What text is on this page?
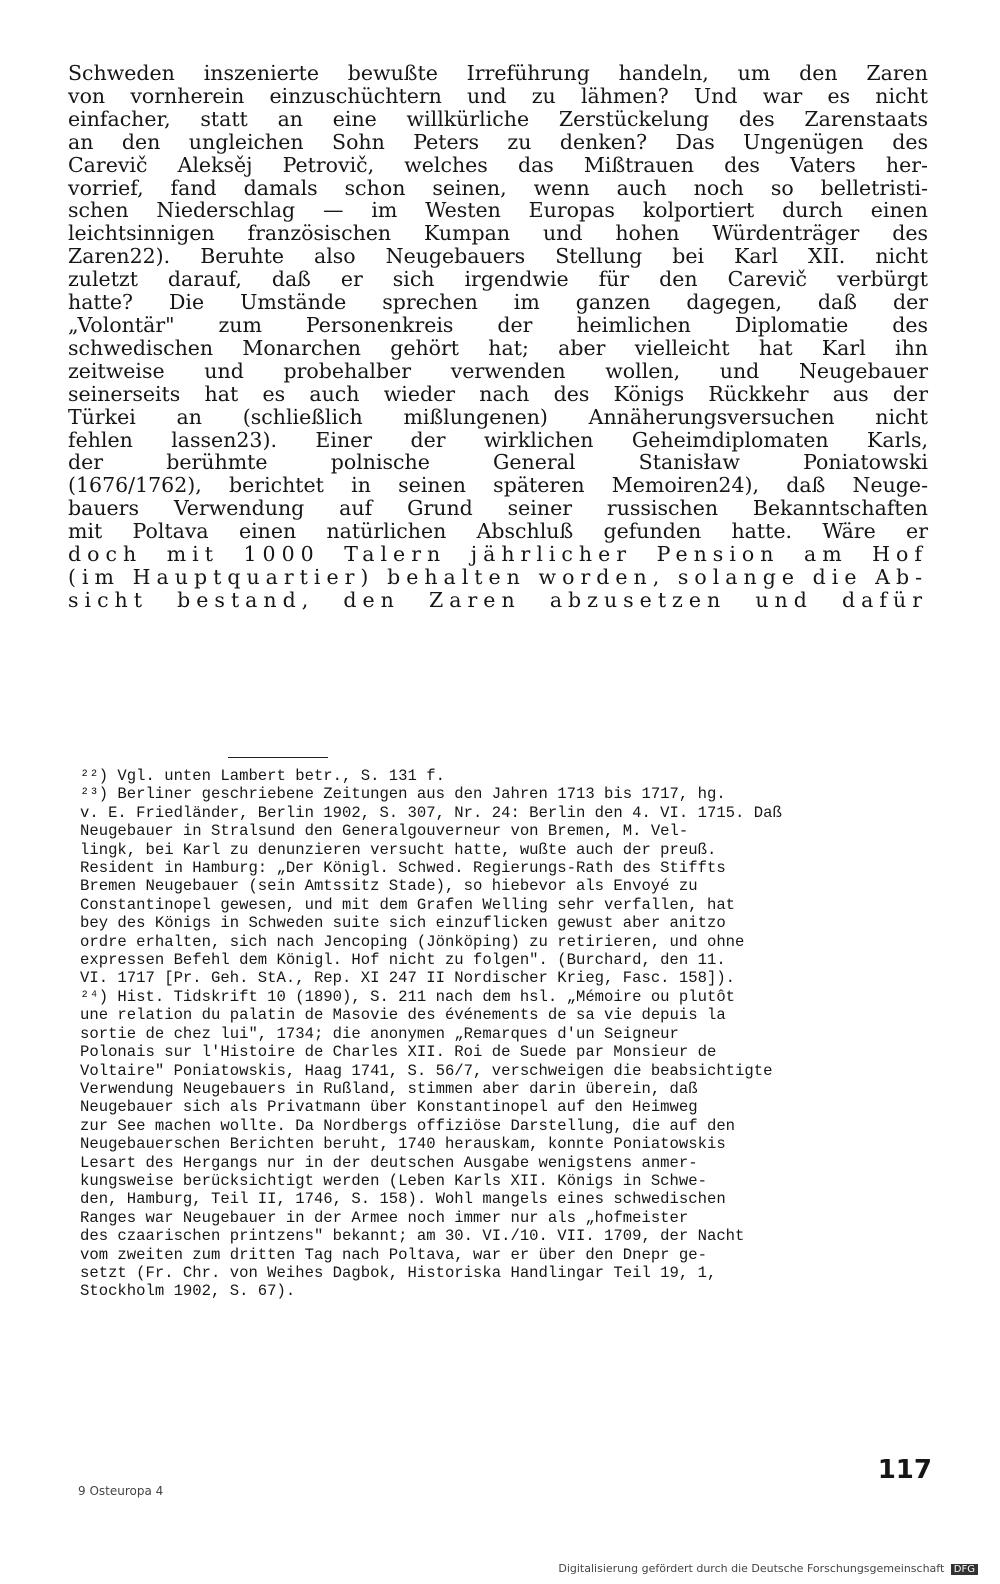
Schweden inszenierte bewußte Irreführung handeln, um den Zaren
von vornherein einzuschüchtern und zu lähmen? Und war es nicht
einfacher, statt an eine willkürliche Zerstückelung des Zarenstaats
an den ungleichen Sohn Peters zu denken? Das Ungenügen des
Carevič Aleksěj Petrovič, welches das Mißtrauen des Vaters her-
vorrief, fand damals schon seinen, wenn auch noch so belletristi-
schen Niederschlag — im Westen Europas kolportiert durch einen
leichtsinnigen französischen Kumpan und hohen Würdenträger des
Zaren22). Beruhte also Neugebauers Stellung bei Karl XII. nicht
zuletzt darauf, daß er sich irgendwie für den Carevič verbürgt
hatte? Die Umstände sprechen im ganzen dagegen, daß der
„Volontär" zum Personenkreis der heimlichen Diplomatie des
schwedischen Monarchen gehört hat; aber vielleicht hat Karl ihn
zeitweise und probehalber verwenden wollen, und Neugebauer
seinerseits hat es auch wieder nach des Königs Rückkehr aus der
Türkei an (schließlich mißlungenen) Annäherungsversuchen nicht
fehlen lassen23). Einer der wirklichen Geheimdiplomaten Karls,
der berühmte polnische General Stanisław Poniatowski
(1676/1762), berichtet in seinen späteren Memoiren24), daß Neuge-
bauers Verwendung auf Grund seiner russischen Bekanntschaften
mit Poltava einen natürlichen Abschluß gefunden hatte. Wäre er
doch mit 1000 Talern jährlicher Pension am Hof
(im Hauptquartier) behalten worden, solange die Ab-
sicht bestand, den Zaren abzusetzen und dafür
²²) Vgl. unten Lambert betr., S. 131 f.
²³) Berliner geschriebene Zeitungen aus den Jahren 1713 bis 1717, hg.
v. E. Friedländer, Berlin 1902, S. 307, Nr. 24: Berlin den 4. VI. 1715. Daß
Neugebauer in Stralsund den Generalgouverneur von Bremen, M. Vel-
lingk, bei Karl zu denunzieren versucht hatte, wußte auch der preuß.
Resident in Hamburg: „Der Königl. Schwed. Regierungs-Rath des Stiffts
Bremen Neugebauer (sein Amtssitz Stade), so hiebevor als Envoyé zu
Constantinopel gewesen, und mit dem Grafen Welling sehr verfallen, hat
bey des Königs in Schweden suite sich einzuflicken gewust aber anitzo
ordre erhalten, sich nach Jencoping (Jönköping) zu retirieren, und ohne
expressen Befehl dem Königl. Hof nicht zu folgen". (Burchard, den 11.
VI. 1717 [Pr. Geh. StA., Rep. XI 247 II Nordischer Krieg, Fasc. 158]).
²⁴) Hist. Tidskrift 10 (1890), S. 211 nach dem hsl. „Mémoire ou plutôt
une relation du palatin de Masovie des événements de sa vie depuis la
sortie de chez lui", 1734; die anonymen „Remarques d'un Seigneur
Polonais sur l'Histoire de Charles XII. Roi de Suede par Monsieur de
Voltaire" Poniatowskis, Haag 1741, S. 56/7, verschweigen die beabsichtigte
Verwendung Neugebauers in Rußland, stimmen aber darin überein, daß
Neugebauer sich als Privatmann über Konstantinopel auf den Heimweg
zur See machen wollte. Da Nordbergs offiziöse Darstellung, die auf den
Neugebauerschen Berichten beruht, 1740 herauskam, konnte Poniatowskis
Lesart des Hergangs nur in der deutschen Ausgabe wenigstens anmer-
kungsweise berücksichtigt werden (Leben Karls XII. Königs in Schwe-
den, Hamburg, Teil II, 1746, S. 158). Wohl mangels eines schwedischen
Ranges war Neugebauer in der Armee noch immer nur als „hofmeister
des czaarischen printzens" bekannt; am 30. VI./10. VII. 1709, der Nacht
vom zweiten zum dritten Tag nach Poltava, war er über den Dnepr ge-
setzt (Fr. Chr. von Weihes Dagbok, Historiska Handlingar Teil 19, 1,
Stockholm 1902, S. 67).
117
9 Osteuropa 4
Digitalisierung gefördert durch die Deutsche Forschungsgemeinschaft DFG
